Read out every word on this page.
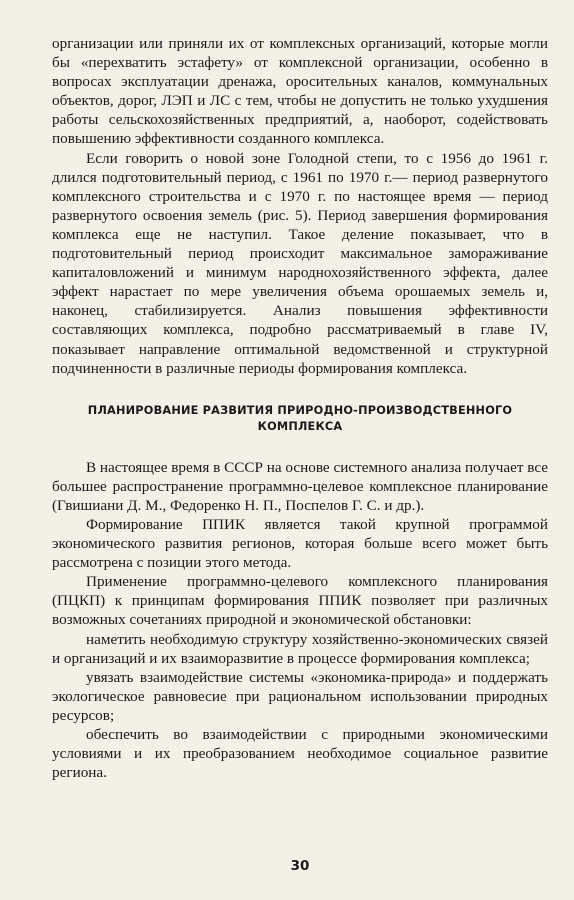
организации или приняли их от комплексных организаций, которые могли бы «перехватить эстафету» от комплексной организации, особенно в вопросах эксплуатации дренажа, оросительных каналов, коммунальных объектов, дорог, ЛЭП и ЛС с тем, чтобы не допустить не только ухудшения работы сельскохозяйственных предприятий, а, наоборот, содействовать повышению эффективности созданного комплекса.

Если говорить о новой зоне Голодной степи, то с 1956 до 1961 г. длился подготовительный период, с 1961 по 1970 г.— период развернутого комплексного строительства и с 1970 г. по настоящее время — период развернутого освоения земель (рис. 5). Период завершения формирования комплекса еще не наступил. Такое деление показывает, что в подготовительный период происходит максимальное замораживание капиталовложений и минимум народнохозяйственного эффекта, далее эффект нарастает по мере увеличения объема орошаемых земель и, наконец, стабилизируется. Анализ повышения эффективности составляющих комплекса, подробно рассматриваемый в главе IV, показывает направление оптимальной ведомственной и структурной подчиненности в различные периоды формирования комплекса.

ПЛАНИРОВАНИЕ РАЗВИТИЯ ПРИРОДНО-ПРОИЗВОДСТВЕННОГО
КОМПЛЕКСА

В настоящее время в СССР на основе системного анализа получает все большее распространение программно-целевое комплексное планирование (Гвишиани Д. М., Федоренко Н. П., Поспелов Г. С. и др.).

Формирование ППИК является такой крупной программой экономического развития регионов, которая больше всего может быть рассмотрена с позиции этого метода.

Применение программно-целевого комплексного планирования (ПЦКП) к принципам формирования ППИК позволяет при различных возможных сочетаниях природной и экономической обстановки:

наметить необходимую структуру хозяйственно-экономических связей и организаций и их взаиморазвитие в процессе формирования комплекса;

увязать взаимодействие системы «экономика-природа» и поддержать экологическое равновесие при рациональном использовании природных ресурсов;

обеспечить во взаимодействии с природными экономическими условиями и их преобразованием необходимое социальное развитие региона.

30
